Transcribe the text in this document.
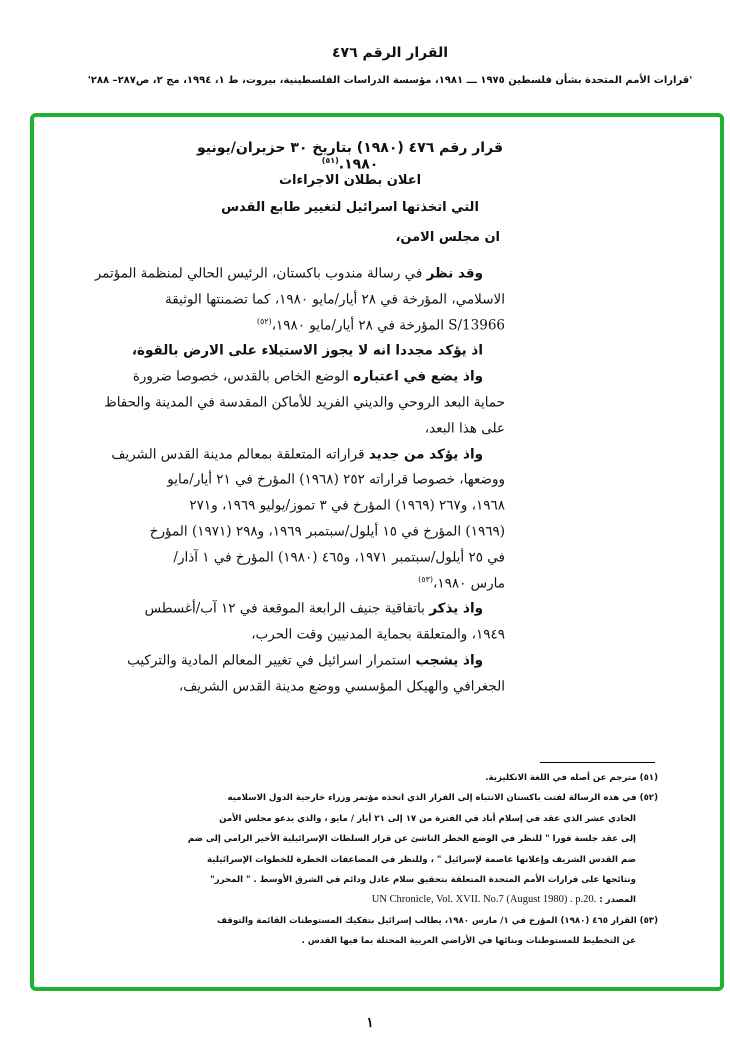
القرار الرقم ٤٧٦
'قرارات الأمم المتحدة بشأن فلسطين ١٩٧٥ ـــ ١٩٨١، مؤسسة الدراسات الفلسطينية، بيروت، ط ١، ١٩٩٤، مج ٢، ص٢٨٧– ٢٨٨'
قرار رقم ٤٧٦ (١٩٨٠) بتاريخ ٣٠ حزيران/يونيو ١٩٨٠.$^{(٥١)}$
اعلان بطلان الاجراءات
التي اتخذتها اسرائيل لتغيير طابع القدس
ان مجلس الامن،
وقد نظر في رسالة مندوب باكستان، الرئيس الحالي لمنظمة المؤتمر
الاسلامي، المؤرخة في ٢٨ أيار/مايو ١٩٨٠، كما تضمنتها الوثيقة
S/13966 المؤرخة في ٢٨ أيار/مايو ١٩٨٠،$^{(٥٢)}$
اذ يؤكد مجددا انه لا يجوز الاستيلاء على الارض بالقوة،
واذ يضع في اعتباره الوضع الخاص بالقدس، خصوصا ضرورة
حماية البعد الروحي والديني الفريد للأماكن المقدسة في المدينة والحفاظ
على هذا البعد،
واذ يؤكد من جديد قراراته المتعلقة بمعالم مدينة القدس الشريف
ووضعها، خصوصا قراراته ٢٥٢ (١٩٦٨) المؤرخ في ٢١ أيار/مايو
١٩٦٨، و٢٦٧ (١٩٦٩) المؤرخ في ٣ تموز/يوليو ١٩٦٩، و٢٧١
(١٩٦٩) المؤرخ في ١٥ أيلول/سبتمبر ١٩٦٩، و٢٩٨ (١٩٧١) المؤرخ
في ٢٥ أيلول/سبتمبر ١٩٧١، و٤٦٥ (١٩٨٠) المؤرخ في ١ آذار/
مارس ١٩٨٠،$^{(٥٣)}$
واذ يذكر باتفاقية جنيف الرابعة الموقعة في ١٢ آب/أغسطس
١٩٤٩، والمتعلقة بحماية المدنيين وقت الحرب،
واذ يشجب استمرار اسرائيل في تغيير المعالم المادية والتركيب
الجغرافي والهيكل المؤسسي ووضع مدينة القدس الشريف،
(٥١) مترجم عن أصله في اللغة الانكليزية.
(٥٢) في هذه الرسالة لفتت باكستان الانتباه إلى القرار الذي اتخذه مؤتمر وزراء خارجية الدول الاسلاميه
الحادي عشر الذي عقد في إسلام أباد في الفترة من ١٧ إلى ٢١ أيار / مايو ، والذي يدعو مجلس الأمن
إلى عقد جلسة فورا " للنظر في الوضع الخطر الناشئ عن قرار السلطات الإسرائيلية الأخير الرامي إلى ضم
ضم القدس الشريف وإعلانها عاصمة لإسرائيل " ، وللنظر في المضاعفات الخطرة للخطوات الإسرائيلية
ونتائجها على قرارات الأمم المتحدة المتعلقة بتحقيق سلام عادل ودائم في الشرق الأوسط . " المحرر"
المصدر : UN Chronicle, Vol. XVII. No.7 (August 1980) . p.20.
(٥٣) القرار ٤٦٥ (١٩٨٠) المؤرخ في ١/ مارس ١٩٨٠، يطالب إسرائيل بتفكيك المستوطنات القائمة والتوقف
عن التخطيط للمستوطنات وبنائها في الأراضي العربية المحتلة بما فيها القدس .
١
